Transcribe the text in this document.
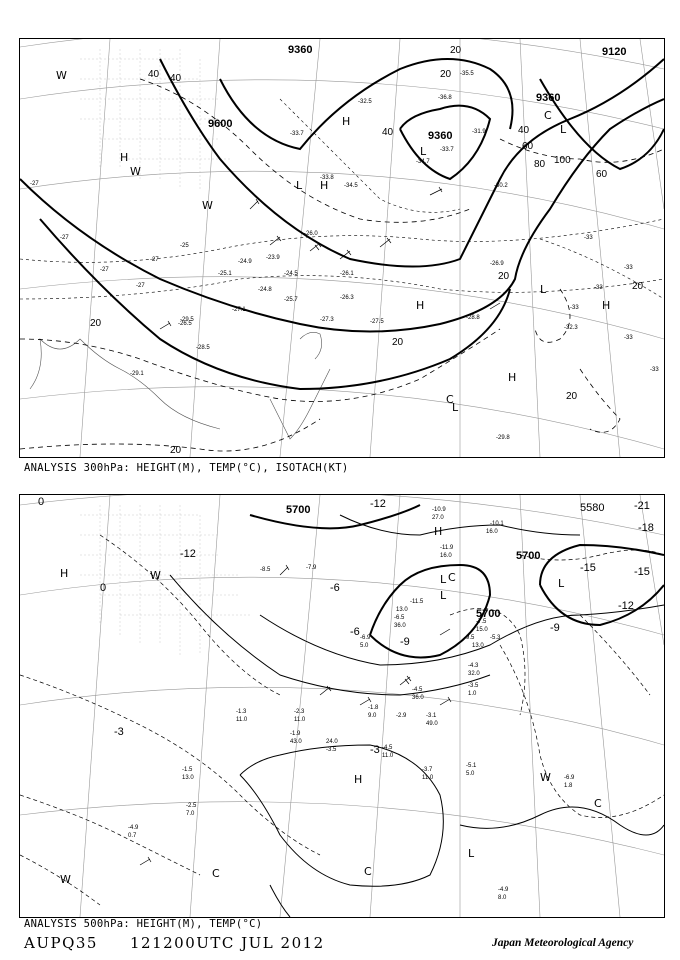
9600
9360
9360
9120
9360
40 40
40
20
20
20
20
20
20
20
40
60
80 100
60
20
H
H
H
L
L
H
L
H
W
W
W
C
L
C
L
H
-27
-27
-27
-27
-25
-27
-33
-33
-33
-33
-33
-33
-31.9
-33.7
-32.3
-30.2
-29.8
-26.9
-26.3
-26.1
-25.7
-27.3	-27.5
-28.8
-28.5
-26.5
-24.9
-24.5
-23.9
-24.8
-25.1
-27.1
-26.0
-29.1
-29.5
-34.5
-33.7
-35.5
-36.8
-34.7
-33.8
-32.5
ANALYSIS 300hPa: HEIGHT(M), TEMP(°C), ISOTACH(KT)
5700
5700
5700
5580
-12	-21
-18
-15	-15
-12
-9
-6
-3
0
0
-3
-6
-9
-12
H	W
H
C
L
L
L
H	W
C
C
W
L
C
-10.9
27.0
-10.1
16.0
-11.9
16.0
-11.5
13.0
-6.5
36.0
-6.9
5.0
-7.5
15.0
-9.5	-5.3
13.0
-4.3
32.0
-3.5
1.0
-4.5
11.0
-3.7
11.0	-6.9
1.8
-5.1
5.0
-4.9
0.7
-4.9
8.0
-2.5
7.0
-1.5
13.0
-1.9
43.0
-2.3
11.0
-1.3
11.0
-8.5	-7.9
-3.1
49.0
-4.5
36.0
-1.8
9.0	-2.9
24.0
-3.5
ANALYSIS 500hPa: HEIGHT(M), TEMP(°C)
AUPQ35 121200UTC JUL 2012	Japan Meteorological Agency
